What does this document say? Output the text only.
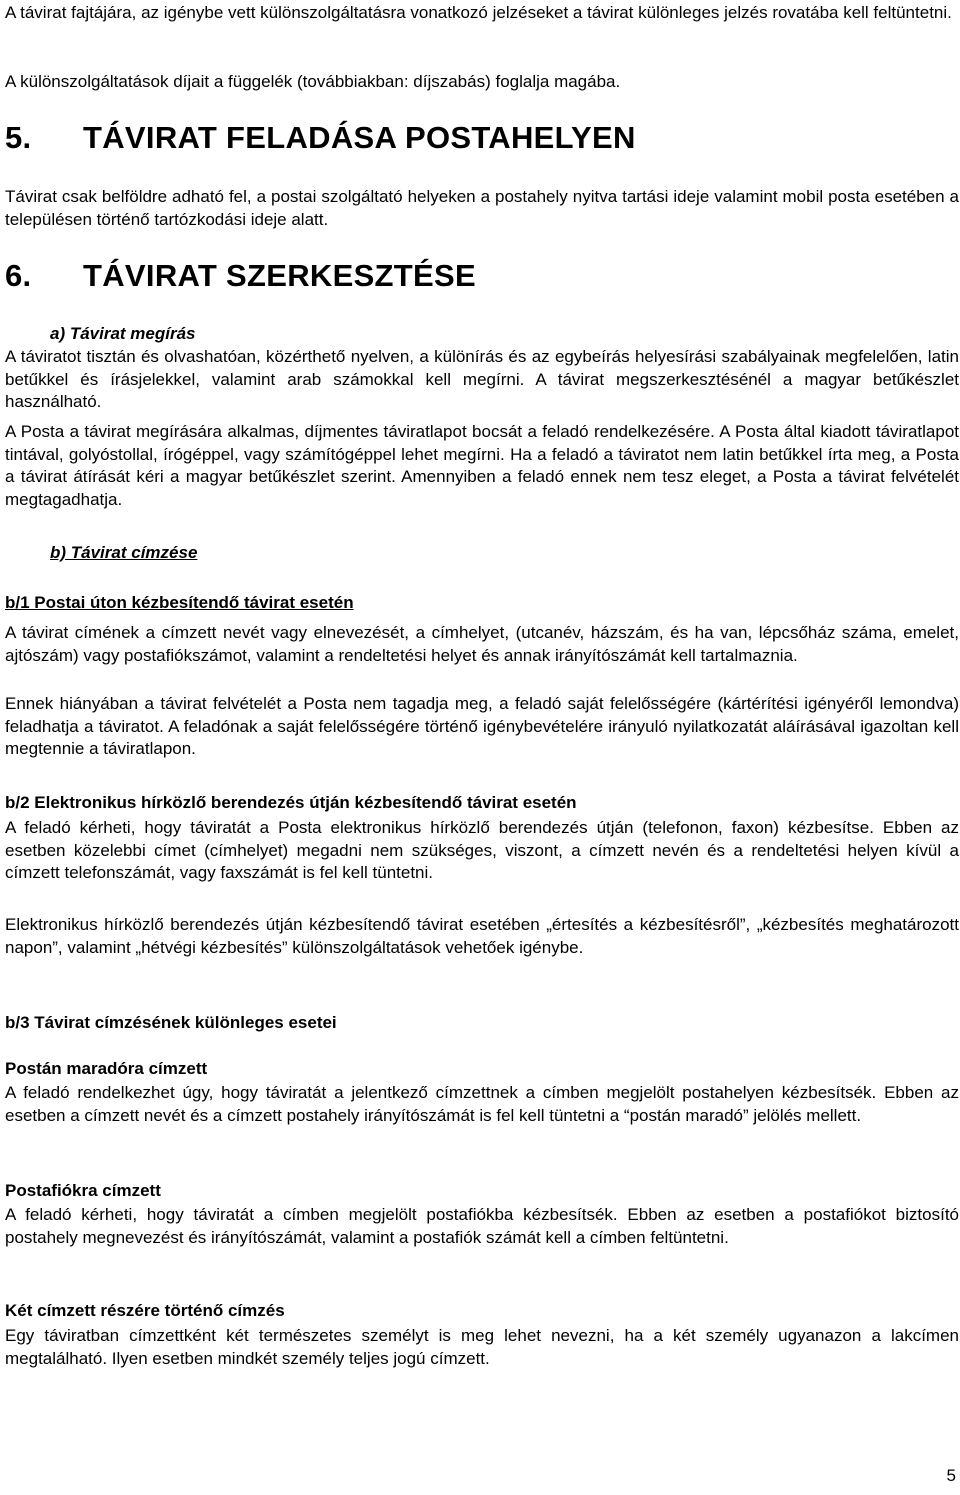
A távirat fajtájára, az igénybe vett különszolgáltatásra vonatkozó jelzéseket a távirat különleges jelzés rovatába kell feltüntetni.

A különszolgáltatások díjait a függelék (továbbiakban: díjszabás) foglalja magába.

5. TÁVIRAT FELADÁSA POSTAHELYEN

Távirat csak belföldre adható fel, a postai szolgáltató helyeken a postahely nyitva tartási ideje valamint mobil posta esetében a településen történő tartózkodási ideje alatt.

6. TÁVIRAT SZERKESZTÉSE

a) Távirat megírás

A táviratot tisztán és olvashatóan, közérthető nyelven, a különírás és az egybeírás helyesírási szabályainak megfelelően, latin betűkkel és írásjelekkel, valamint arab számokkal kell megírni. A távirat megszerkesztésénél a magyar betűkészlet használható.

A Posta a távirat megírására alkalmas, díjmentes táviratlapot bocsát a feladó rendelkezésére. A Posta által kiadott táviratlapot tintával, golyóstollal, írógéppel, vagy számítógéppel lehet megírni. Ha a feladó a táviratot nem latin betűkkel írta meg, a Posta a távirat átírását kéri a magyar betűkészlet szerint. Amennyiben a feladó ennek nem tesz eleget, a Posta a távirat felvételét megtagadhatja.

b) Távirat címzése

b/1 Postai úton kézbesítendő távirat esetén

A távirat címének a címzett nevét vagy elnevezését, a címhelyet, (utcanév, házszám, és ha van, lépcsőház száma, emelet, ajtószám) vagy postafiókszámot, valamint a rendeltetési helyet és annak irányítószámát kell tartalmaznia.

Ennek hiányában a távirat felvételét a Posta nem tagadja meg, a feladó saját felelősségére (kártérítési igényéről lemondva) feladhatja a táviratot. A feladónak a saját felelősségére történő igénybevételére irányuló nyilatkozatát aláírásával igazoltan kell megtennie a táviratlapon.

b/2 Elektronikus hírközlő berendezés útján kézbesítendő távirat esetén

A feladó kérheti, hogy táviratát a Posta elektronikus hírközlő berendezés útján (telefonon, faxon) kézbesítse. Ebben az esetben közelebbi címet (címhelyet) megadni nem szükséges, viszont, a címzett nevén és a rendeltetési helyen kívül a címzett telefonszámát, vagy faxszámát is fel kell tüntetni.

Elektronikus hírközlő berendezés útján kézbesítendő távirat esetében „értesítés a kézbesítésről”, „kézbesítés meghatározott napon”, valamint „hétvégi kézbesítés” különszolgáltatások vehetőek igénybe.

b/3 Távirat címzésének különleges esetei

Postán maradóra címzett

A feladó rendelkezhet úgy, hogy táviratát a jelentkező címzettnek a címben megjelölt postahelyen kézbesítsék. Ebben az esetben a címzett nevét és a címzett postahely irányítószámát is fel kell tüntetni a “postán maradó” jelölés mellett.

Postafiókra címzett

A feladó kérheti, hogy táviratát a címben megjelölt postafiókba kézbesítsék. Ebben az esetben a postafiókot biztosító postahely megnevezést és irányítószámát, valamint a postafiók számát kell a címben feltüntetni.

Két címzett részére történő címzés

Egy táviratban címzettként két természetes személyt is meg lehet nevezni, ha a két személy ugyanazon a lakcímen megtalálható. Ilyen esetben mindkét személy teljes jogú címzett.

5
